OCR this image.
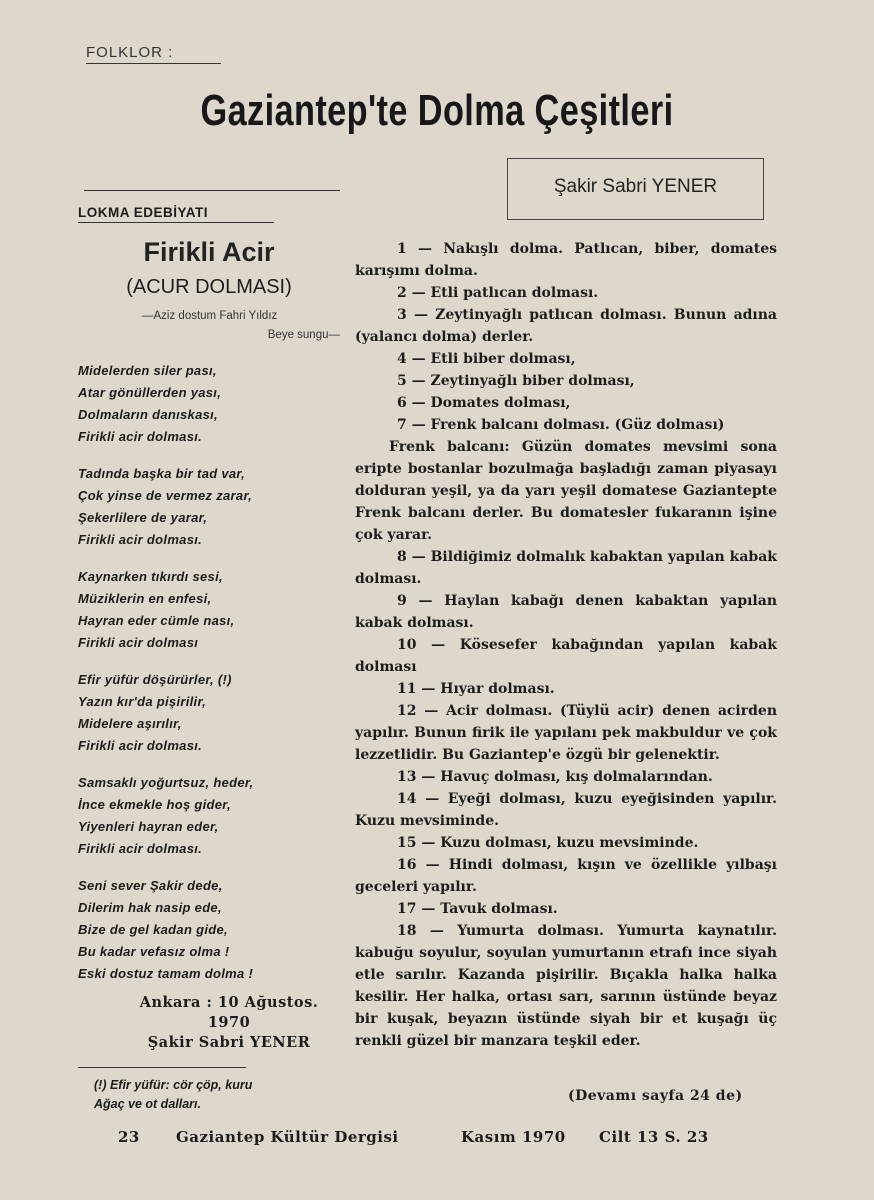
FOLKLOR :
Gaziantep'te Dolma Çeşitleri
Şakir Sabri YENER
LOKMA EDEBİYATI
Firikli Acir
(ACUR DOLMASI)
—Aziz dostum Fahri Yıldız
Beye sungu—
Midelerden siler pası,
Atar gönüllerden yası,
Dolmaların danıskası,
Firikli acir dolması.
Tadında başka bir tad var,
Çok yinse de vermez zarar,
Şekerlilere de yarar,
Firikli acir dolması.
Kaynarken tıkırdı sesi,
Müziklerin en enfesi,
Hayran eder cümle nası,
Firikli acir dolması
Efir yüfür döşürürler, (!)
Yazın kır'da pişirilir,
Midelere aşırılır,
Firikli acir dolması.
Samsaklı yoğurtsuz, heder,
İnce ekmekle hoş gider,
Yiyenleri hayran eder,
Firikli acir dolması.
Seni sever Şakir dede,
Dilerim hak nasip ede,
Bize de gel kadan gide,
Bu kadar vefasız olma !
Eski dostuz tamam dolma !
Ankara : 10 Ağustos. 1970
Şakir Sabri YENER
(!) Efir yüfür: cör çöp, kuru
Ağaç ve ot dalları.

1 — Nakışlı dolma. Patlıcan, biber, domates karışımı dolma.

2 — Etli patlıcan dolması.

3 — Zeytinyağlı patlıcan dolması. Bunun adına (yalancı dolma) derler.

4 — Etli biber dolması,

5 — Zeytinyağlı biber dolması,

6 — Domates dolması,

7 — Frenk balcanı dolması. (Güz dolması)

Frenk balcanı: Güzün domates mevsimi sona eripte bostanlar bozulmağa başladığı zaman piyasayı dolduran yeşil, ya da yarı yeşil domatese Gaziantepte Frenk balcanı derler. Bu domatesler fukaranın işine çok yarar.

8 — Bildiğimiz dolmalık kabaktan yapılan kabak dolması.

9 — Haylan kabağı denen kabaktan yapılan kabak dolması.

10 — Kösesefer kabağından yapılan kabak dolması

11 — Hıyar dolması.

12 — Acir dolması. (Tüylü acir) denen acirden yapılır. Bunun firik ile yapılanı pek makbuldur ve çok lezzetlidir. Bu Gaziantep'e özgü bir gelenektir.

13 — Havuç dolması, kış dolmalarından.

14 — Eyeği dolması, kuzu eyeğisinden yapılır. Kuzu mevsiminde.

15 — Kuzu dolması, kuzu mevsiminde.

16 — Hindi dolması, kışın ve özellikle yılbaşı geceleri yapılır.

17 — Tavuk dolması.

18 — Yumurta dolması. Yumurta kaynatılır. kabuğu soyulur, soyulan yumurtanın etrafı ince siyah etle sarılır. Kazanda pişirilir. Bıçakla halka halka kesilir. Her halka, ortası sarı, sarının üstünde beyaz bir kuşak, beyazın üstünde siyah bir et kuşağı üç renkli güzel bir manzara teşkil eder.

(Devamı sayfa 24 de)
23 Gaziantep Kültür Dergisi	Kasım 1970 Cilt 13 S. 23
